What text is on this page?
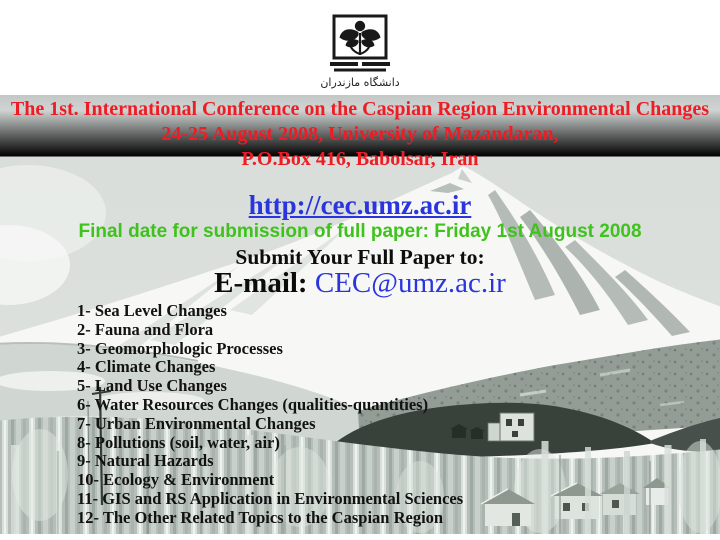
دانشگاه مازندران
The 1st. International Conference on the Caspian Region Environmental Changes
24-25 August 2008, University of Mazandaran,
P.O.Box 416, Babolsar, Iran
http://cec.umz.ac.ir
Final date for submission of full paper: Friday 1st August 2008
Submit Your Full Paper to:
E-mail: CEC@umz.ac.ir
1- Sea Level Changes
2- Fauna and Flora
3- Geomorphologic Processes
4- Climate Changes
5- Land Use Changes
6- Water Resources Changes (qualities-quantities)
7- Urban Environmental Changes
8- Pollutions (soil, water, air)
9- Natural Hazards
10- Ecology & Environment
11- GIS and RS Application in Environmental Sciences
12- The Other Related Topics to the Caspian Region
